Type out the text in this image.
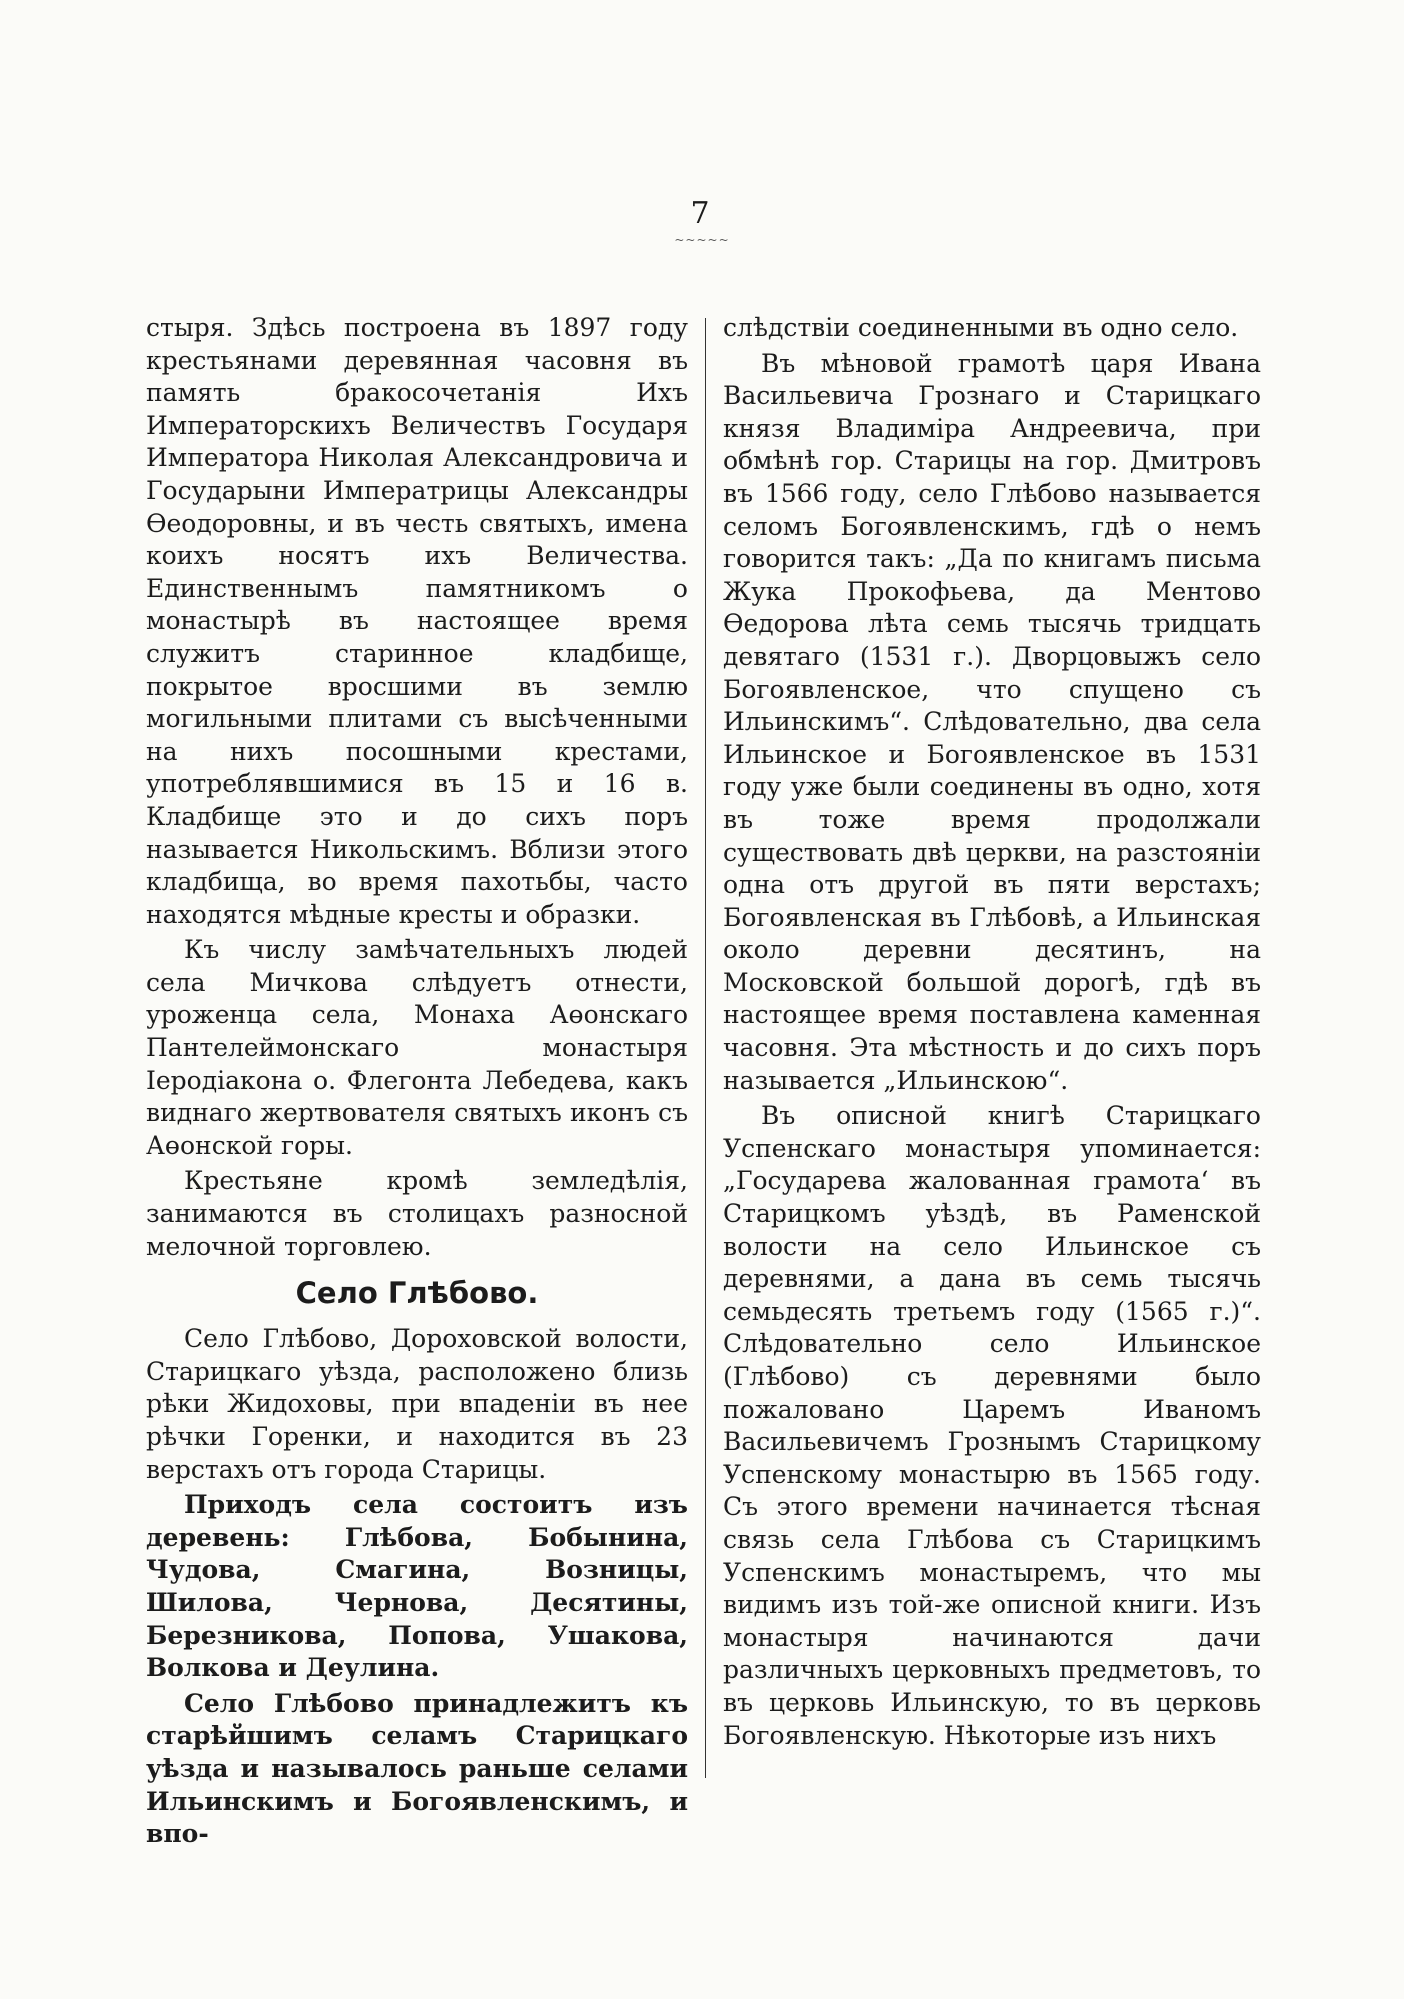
7
~~~~~

стыря. Здѣсь построена въ 1897 году крестьянами деревянная часовня въ память бракосочетанія Ихъ Императорскихъ Величествъ Государя Императора Николая Александровича и Государыни Императрицы Александры Өеодоровны, и въ честь святыхъ, имена коихъ носятъ ихъ Величества. Единственнымъ памятникомъ о монастырѣ въ настоящее время служитъ старинное кладбище, покрытое вросшими въ землю могильными плитами съ высѣченными на нихъ посошными крестами, употреблявшимися въ 15 и 16 в. Кладбище это и до сихъ поръ называется Никольскимъ. Вблизи этого кладбища, во время пахотьбы, часто находятся мѣдные кресты и образки.

Къ числу замѣчательныхъ людей села Мичкова слѣдуетъ отнести, уроженца села, Монаха Аөонскаго Пантелеймонскаго монастыря Іеродіакона о. Флегонта Лебедева, какъ виднаго жертвователя святыхъ иконъ съ Аөонской горы.

Крестьяне кромѣ земледѣлія, занимаются въ столицахъ разносной мелочной торговлею.

Село Глѣбово.

Село Глѣбово, Дороховской волости, Старицкаго уѣзда, расположено близь рѣки Жидоховы, при впаденіи въ нее рѣчки Горенки, и находится въ 23 верстахъ отъ города Старицы.

Приходъ села состоитъ изъ деревень: Глѣбова, Бобынина, Чудова, Смагина, Возницы, Шилова, Чернова, Десятины, Березникова, Попова, Ушакова, Волкова и Деулина.

Село Глѣбово принадлежитъ къ старѣйшимъ селамъ Старицкаго уѣзда и называлось раньше селами Ильинскимъ и Богоявленскимъ, и впо-

слѣдствіи соединенными въ одно село.

Въ мѣновой грамотѣ царя Ивана Васильевича Грознаго и Старицкаго князя Владиміра Андреевича, при обмѣнѣ гор. Старицы на гор. Дмитровъ въ 1566 году, село Глѣбово называется селомъ Богоявленскимъ, гдѣ о немъ говорится такъ: „Да по книгамъ письма Жука Прокофьева, да Ментово Өедорова лѣта семь тысячь тридцать девятаго (1531 г.). Дворцовыжъ село Богоявленское, что спущено съ Ильинскимъ“. Слѣдовательно, два села Ильинское и Богоявленское въ 1531 году уже были соединены въ одно, хотя въ тоже время продолжали существовать двѣ церкви, на разстояніи одна отъ другой въ пяти верстахъ; Богоявленская въ Глѣбовѣ, а Ильинская около деревни десятинъ, на Московской большой дорогѣ, гдѣ въ настоящее время поставлена каменная часовня. Эта мѣстность и до сихъ поръ называется „Ильинскою“.

Въ описной книгѣ Старицкаго Успенскаго монастыря упоминается: „Государева жалованная грамота‘ въ Старицкомъ уѣздѣ, въ Раменской волости на село Ильинское съ деревнями, а дана въ семь тысячь семьдесять третьемъ году (1565 г.)“. Слѣдовательно село Ильинское (Глѣбово) съ деревнями было пожаловано Царемъ Иваномъ Васильевичемъ Грознымъ Старицкому Успенскому монастырю въ 1565 году. Съ этого времени начинается тѣсная связь села Глѣбова съ Старицкимъ Успенскимъ монастыремъ, что мы видимъ изъ той-же описной книги. Изъ монастыря начинаются дачи различныхъ церковныхъ предметовъ, то въ церковь Ильинскую, то въ церковь Богоявленскую. Нѣкоторые изъ нихъ
